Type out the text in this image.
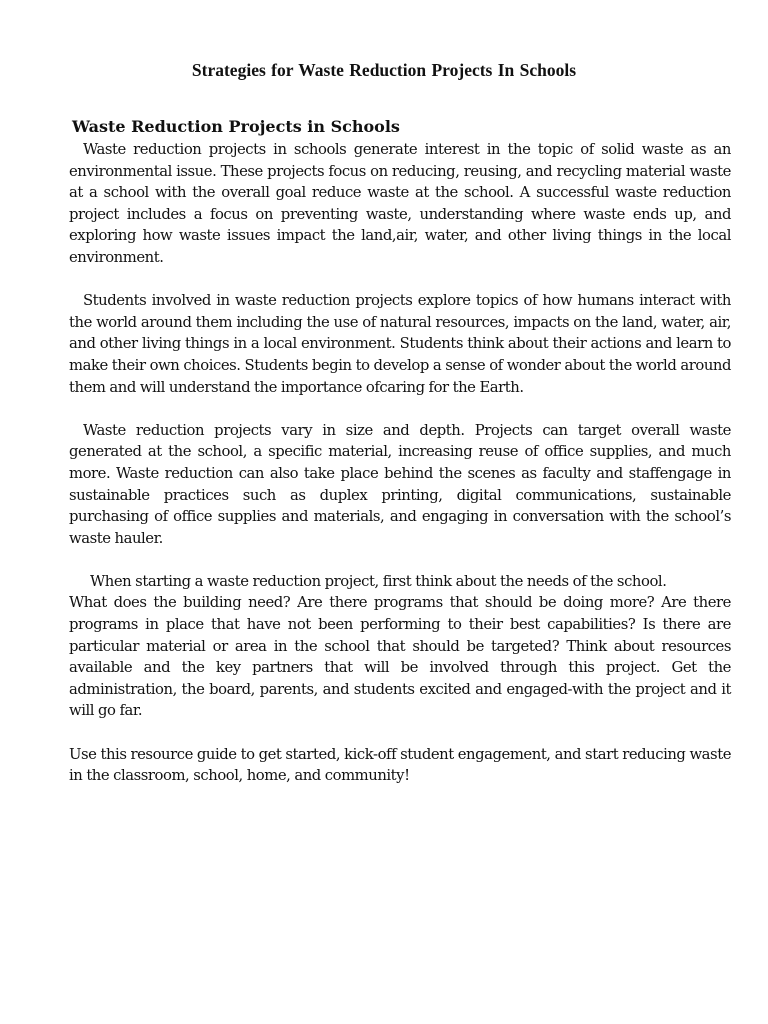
Strategies for Waste Reduction Projects In Schools
Waste Reduction Projects in Schools

Waste reduction projects in schools generate interest in the topic of solid waste as an environmental issue. These projects focus on reducing, reusing, and recycling material waste at a school with the overall goal reduce waste at the school. A successful waste reduction project includes a focus on preventing waste, understanding where waste ends up, and exploring how waste issues impact the land,air, water, and other living things in the local environment.

Students involved in waste reduction projects explore topics of how humans interact with the world around them including the use of natural resources, impacts on the land, water, air, and other living things in a local environment. Students think about their actions and learn to make their own choices. Students begin to develop a sense of wonder about the world around them and will understand the importance ofcaring for the Earth.

Waste reduction projects vary in size and depth. Projects can target overall waste generated at the school, a specific material, increasing reuse of office supplies, and much more. Waste reduction can also take place behind the scenes as faculty and staffengage in sustainable practices such as duplex printing, digital communications, sustainable purchasing of office supplies and materials, and engaging in conversation with the school’s waste hauler.

When starting a waste reduction project, first think about the needs of the school.
What does the building need? Are there programs that should be doing more? Are there programs in place that have not been performing to their best capabilities? Is there are particular material or area in the school that should be targeted? Think about resources available and the key partners that will be involved through this project. Get the administration, the board, parents, and students excited and engaged-with the project and it will go far.

Use this resource guide to get started, kick-off student engagement, and start reducing waste in the classroom, school, home, and community!
